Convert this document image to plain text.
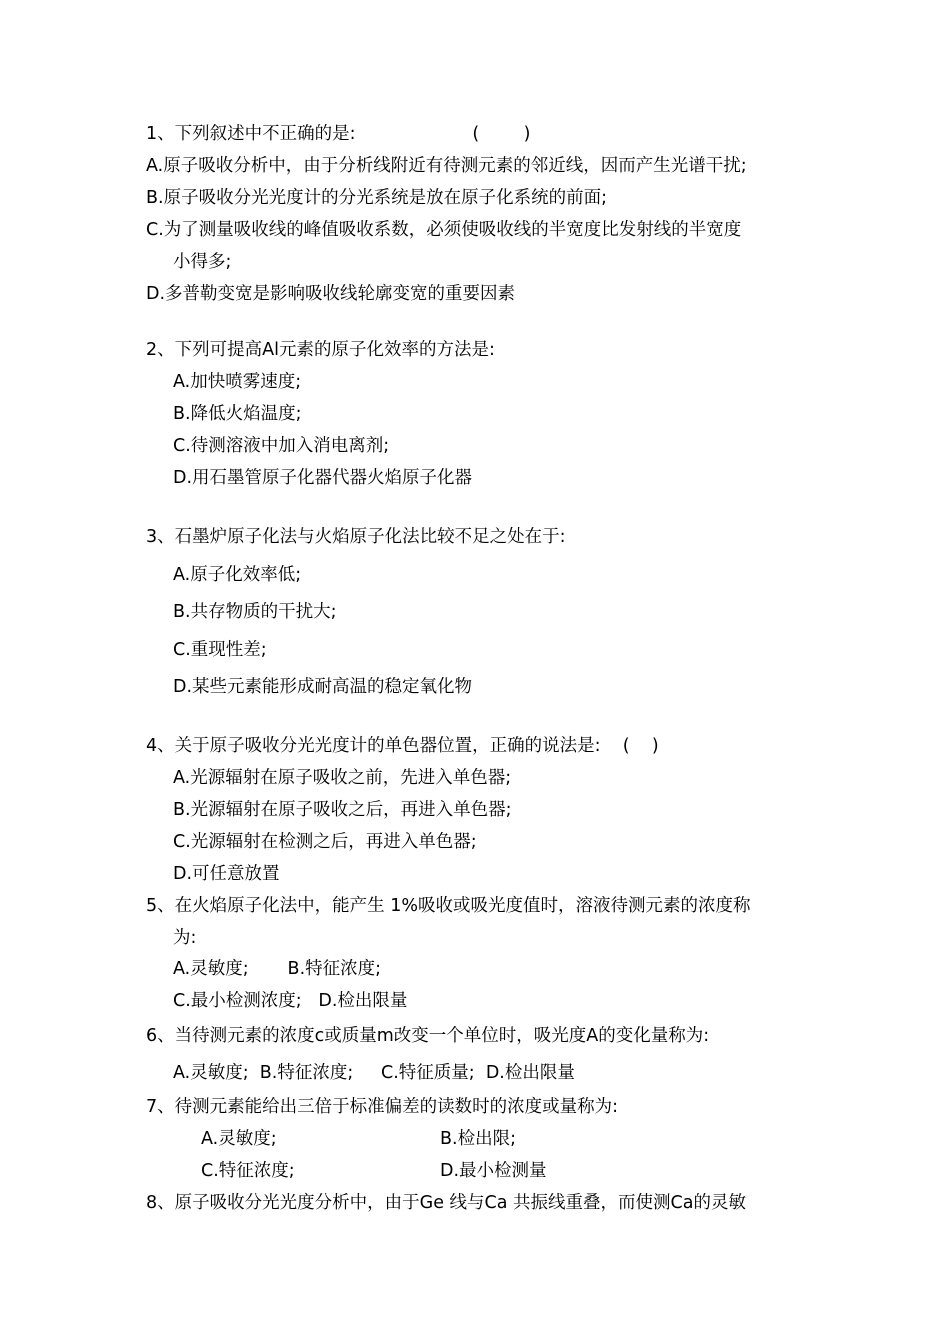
1、下列叙述中不正确的是:                     (        )

A.原子吸收分析中，由于分析线附近有待测元素的邻近线，因而产生光谱干扰;

B.原子吸收分光光度计的分光系统是放在原子化系统的前面;

C.为了测量吸收线的峰值吸收系数，必须使吸收线的半宽度比发射线的半宽度

小得多;

D.多普勒变宽是影响吸收线轮廓变宽的重要因素

2、下列可提高Al元素的原子化效率的方法是:

A.加快喷雾速度;

B.降低火焰温度;

C.待测溶液中加入消电离剂;

D.用石墨管原子化器代器火焰原子化器

3、石墨炉原子化法与火焰原子化法比较不足之处在于:

A.原子化效率低;

B.共存物质的干扰大;

C.重现性差;

D.某些元素能形成耐高温的稳定氧化物

4、关于原子吸收分光光度计的单色器位置，正确的说法是:    (    )

A.光源辐射在原子吸收之前，先进入单色器;

B.光源辐射在原子吸收之后，再进入单色器;

C.光源辐射在检测之后，再进入单色器;

D.可任意放置

5、在火焰原子化法中，能产生 1%吸收或吸光度值时，溶液待测元素的浓度称

为:

A.灵敏度;       B.特征浓度;

C.最小检测浓度;   D.检出限量

6、当待测元素的浓度c或质量m改变一个单位时，吸光度A的变化量称为:

A.灵敏度;  B.特征浓度;     C.特征质量;  D.检出限量

7、待测元素能给出三倍于标准偏差的读数时的浓度或量称为:

A.灵敏度;	B.检出限;

C.特征浓度;	D.最小检测量

8、原子吸收分光光度分析中，由于Ge 线与Ca 共振线重叠，而使测Ca的灵敏
